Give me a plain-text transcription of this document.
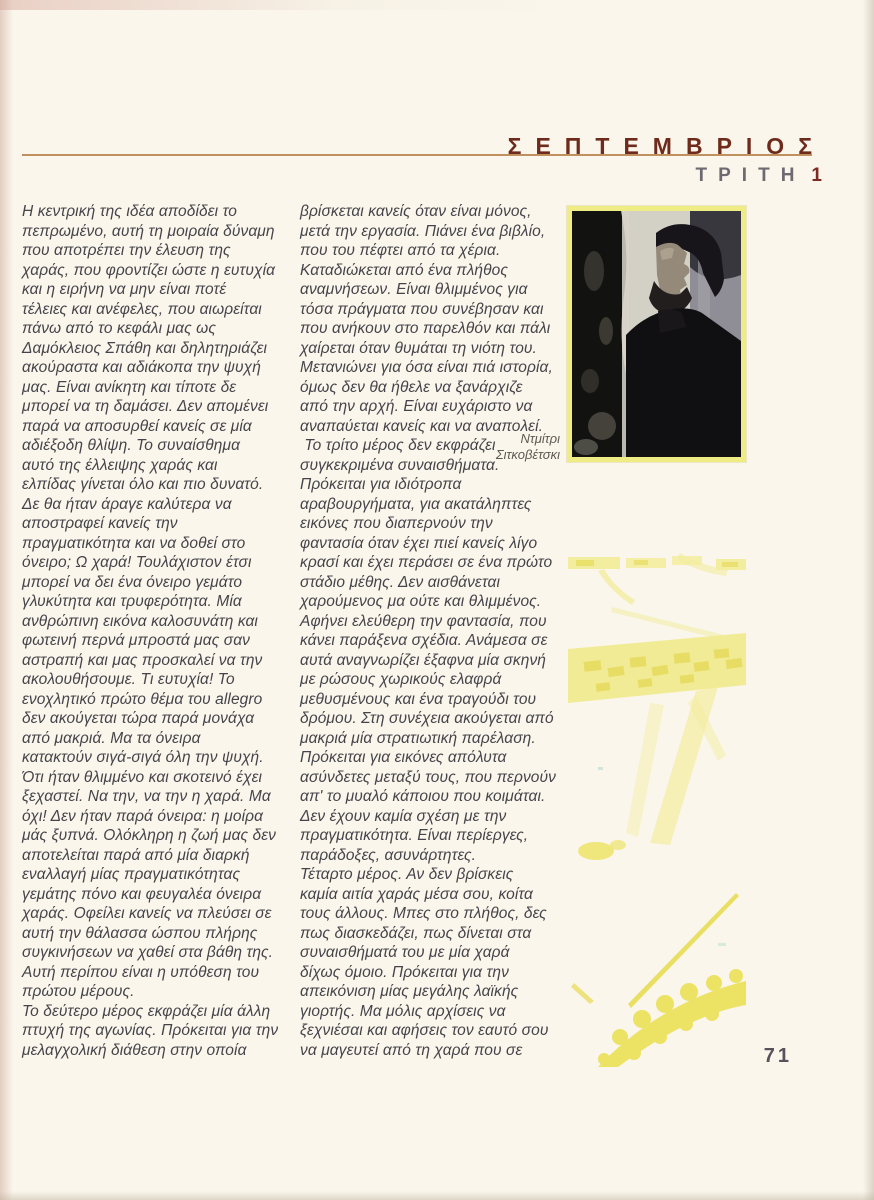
ΣΕΠΤΕΜΒΡΙΟΣ
ΤΡΙΤΗ 1
Η κεντρική της ιδέα αποδίδει το
πεπρωμένο, αυτή τη μοιραία δύναμη
που αποτρέπει την έλευση της
χαράς, που φροντίζει ώστε η ευτυχία
και η ειρήνη να μην είναι ποτέ
τέλειες και ανέφελες, που αιωρείται
πάνω από το κεφάλι μας ως
Δαμόκλειος Σπάθη και δηλητηριάζει
ακούραστα και αδιάκοπα την ψυχή
μας. Είναι ανίκητη και τίποτε δε
μπορεί να τη δαμάσει. Δεν απομένει
παρά να αποσυρθεί κανείς σε μία
αδιέξοδη θλίψη. Το συναίσθημα
αυτό της έλλειψης χαράς και
ελπίδας γίνεται όλο και πιο δυνατό.
Δε θα ήταν άραγε καλύτερα να
αποστραφεί κανείς την
πραγματικότητα και να δοθεί στο
όνειρο; Ω χαρά! Τουλάχιστον έτσι
μπορεί να δει ένα όνειρο γεμάτο
γλυκύτητα και τρυφερότητα. Μία
ανθρώπινη εικόνα καλοσυνάτη και
φωτεινή περνά μπροστά μας σαν
αστραπή και μας προσκαλεί να την
ακολουθήσουμε. Τι ευτυχία! Το
ενοχλητικό πρώτο θέμα του allegro
δεν ακούγεται τώρα παρά μονάχα
από μακριά. Μα τα όνειρα
κατακτούν σιγά-σιγά όλη την ψυχή.
Ότι ήταν θλιμμένο και σκοτεινό έχει
ξεχαστεί. Να την, να την η χαρά. Μα
όχι! Δεν ήταν παρά όνειρα: η μοίρα
μάς ξυπνά. Ολόκληρη η ζωή μας δεν
αποτελείται παρά από μία διαρκή
εναλλαγή μίας πραγματικότητας
γεμάτης πόνο και φευγαλέα όνειρα
χαράς. Οφείλει κανείς να πλεύσει σε
αυτή την θάλασσα ώσπου πλήρης
συγκινήσεων να χαθεί στα βάθη της.
Αυτή περίπου είναι η υπόθεση του
πρώτου μέρους.
Το δεύτερο μέρος εκφράζει μία άλλη
πτυχή της αγωνίας. Πρόκειται για την
μελαγχολική διάθεση στην οποία
βρίσκεται κανείς όταν είναι μόνος,
μετά την εργασία. Πιάνει ένα βιβλίο,
που του πέφτει από τα χέρια.
Καταδιώκεται από ένα πλήθος
αναμνήσεων. Είναι θλιμμένος για
τόσα πράγματα που συνέβησαν και
που ανήκουν στο παρελθόν και πάλι
χαίρεται όταν θυμάται τη νιότη του.
Μετανιώνει για όσα είναι πιά ιστορία,
όμως δεν θα ήθελε να ξανάρχιζε
από την αρχή. Είναι ευχάριστο να
αναπαύεται κανείς και να αναπολεί.
Το τρίτο μέρος δεν εκφράζει
συγκεκριμένα συναισθήματα.
Πρόκειται για ιδιότροπα
αραβουργήματα, για ακατάληπτες
εικόνες που διαπερνούν την
φαντασία όταν έχει πιεί κανείς λίγο
κρασί και έχει περάσει σε ένα πρώτο
στάδιο μέθης. Δεν αισθάνεται
χαρούμενος μα ούτε και θλιμμένος.
Αφήνει ελεύθερη την φαντασία, που
κάνει παράξενα σχέδια. Ανάμεσα σε
αυτά αναγνωρίζει έξαφνα μία σκηνή
με ρώσους χωρικούς ελαφρά
μεθυσμένους και ένα τραγούδι του
δρόμου. Στη συνέχεια ακούγεται από
μακριά μία στρατιωτική παρέλαση.
Πρόκειται για εικόνες απόλυτα
ασύνδετες μεταξύ τους, που περνούν
απ' το μυαλό κάποιου που κοιμάται.
Δεν έχουν καμία σχέση με την
πραγματικότητα. Είναι περίεργες,
παράδοξες, ασυνάρτητες.
Τέταρτο μέρος. Αν δεν βρίσκεις
καμία αιτία χαράς μέσα σου, κοίτα
τους άλλους. Μπες στο πλήθος, δες
πως διασκεδάζει, πως δίνεται στα
συναισθήματά του με μία χαρά
δίχως όμοιο. Πρόκειται για την
απεικόνιση μίας μεγάλης λαϊκής
γιορτής. Μα μόλις αρχίσεις να
ξεχνιέσαι και αφήσεις τον εαυτό σου
να μαγευτεί από τη χαρά που σε
Ντμίτρι
Σιτκοβέτσκι
71
